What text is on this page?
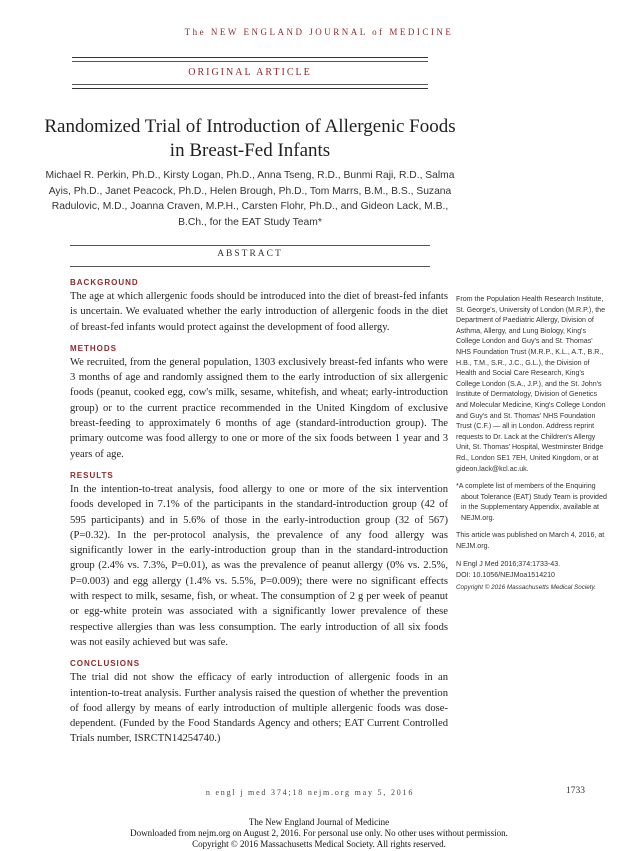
The NEW ENGLAND JOURNAL of MEDICINE
ORIGINAL ARTICLE
Randomized Trial of Introduction of Allergenic Foods in Breast-Fed Infants
Michael R. Perkin, Ph.D., Kirsty Logan, Ph.D., Anna Tseng, R.D., Bunmi Raji, R.D., Salma Ayis, Ph.D., Janet Peacock, Ph.D., Helen Brough, Ph.D., Tom Marrs, B.M., B.S., Suzana Radulovic, M.D., Joanna Craven, M.P.H., Carsten Flohr, Ph.D., and Gideon Lack, M.B., B.Ch., for the EAT Study Team*
ABSTRACT
BACKGROUND

The age at which allergenic foods should be introduced into the diet of breast-fed infants is uncertain. We evaluated whether the early introduction of allergenic foods in the diet of breast-fed infants would protect against the development of food allergy.

METHODS

We recruited, from the general population, 1303 exclusively breast-fed infants who were 3 months of age and randomly assigned them to the early introduction of six allergenic foods (peanut, cooked egg, cow's milk, sesame, whitefish, and wheat; early-introduction group) or to the current practice recommended in the United Kingdom of exclusive breast-feeding to approximately 6 months of age (standard-introduction group). The primary outcome was food allergy to one or more of the six foods between 1 year and 3 years of age.

RESULTS

In the intention-to-treat analysis, food allergy to one or more of the six intervention foods developed in 7.1% of the participants in the standard-introduction group (42 of 595 participants) and in 5.6% of those in the early-introduction group (32 of 567) (P=0.32). In the per-protocol analysis, the prevalence of any food allergy was significantly lower in the early-introduction group than in the standard-introduction group (2.4% vs. 7.3%, P=0.01), as was the prevalence of peanut allergy (0% vs. 2.5%, P=0.003) and egg allergy (1.4% vs. 5.5%, P=0.009); there were no significant effects with respect to milk, sesame, fish, or wheat. The consumption of 2 g per week of peanut or egg-white protein was associated with a significantly lower prevalence of these respective allergies than was less consumption. The early introduction of all six foods was not easily achieved but was safe.

CONCLUSIONS

The trial did not show the efficacy of early introduction of allergenic foods in an intention-to-treat analysis. Further analysis raised the question of whether the prevention of food allergy by means of early introduction of multiple allergenic foods was dose-dependent. (Funded by the Food Standards Agency and others; EAT Current Controlled Trials number, ISRCTN14254740.)

From the Population Health Research Institute, St. George's, University of London (M.R.P.), the Department of Paediatric Allergy, Division of Asthma, Allergy, and Lung Biology, King's College London and Guy's and St. Thomas' NHS Foundation Trust (M.R.P., K.L., A.T., B.R., H.B., T.M., S.R., J.C., G.L.), the Division of Health and Social Care Research, King's College London (S.A., J.P.), and the St. John's Institute of Dermatology, Division of Genetics and Molecular Medicine, King's College London and Guy's and St. Thomas' NHS Foundation Trust (C.F.) — all in London. Address reprint requests to Dr. Lack at the Children's Allergy Unit, St. Thomas' Hospital, Westminster Bridge Rd., London SE1 7EH, United Kingdom, or at gideon.lack@kcl.ac.uk.

*A complete list of members of the Enquiring about Tolerance (EAT) Study Team is provided in the Supplementary Appendix, available at NEJM.org.

This article was published on March 4, 2016, at NEJM.org.

N Engl J Med 2016;374:1733-43.

DOI: 10.1056/NEJMoa1514210

Copyright © 2016 Massachusetts Medical Society.

n engl j med 374;18 nejm.org may 5, 2016	1733
The New England Journal of Medicine
Downloaded from nejm.org on August 2, 2016. For personal use only. No other uses without permission.
Copyright © 2016 Massachusetts Medical Society. All rights reserved.
